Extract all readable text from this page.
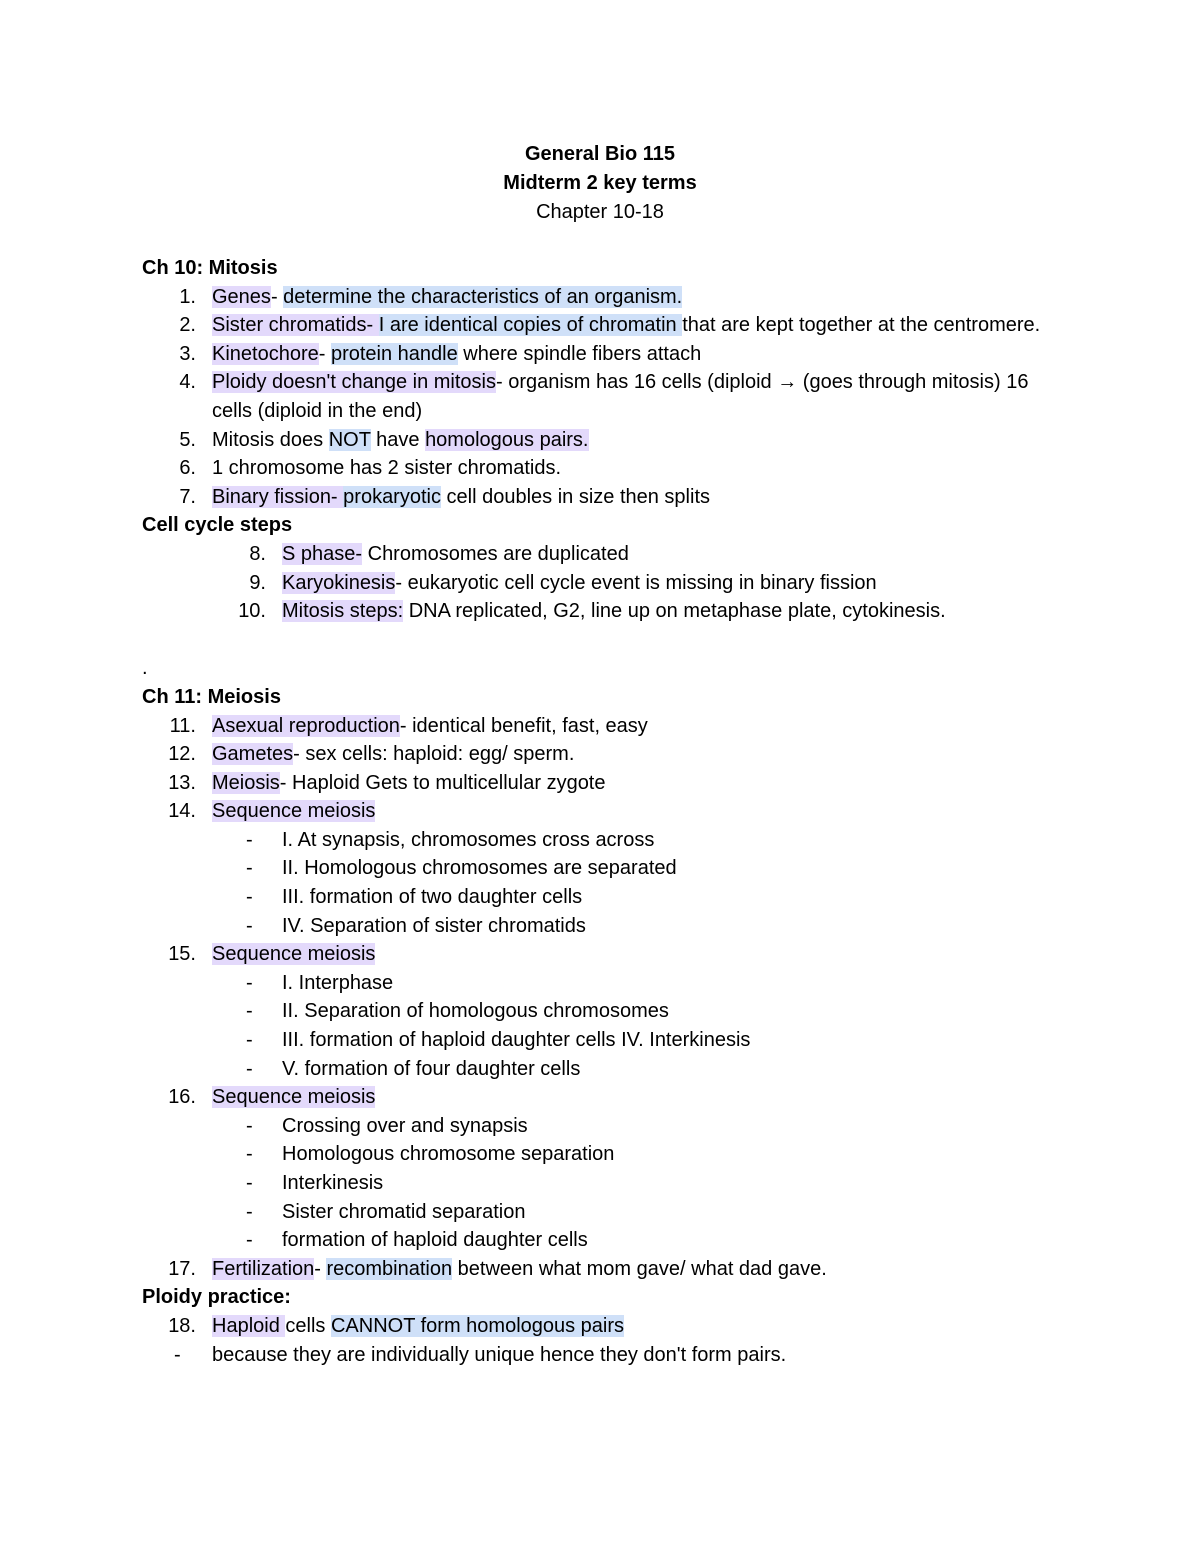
General Bio 115
Midterm 2 key terms
Chapter 10-18
Ch 10: Mitosis
1. Genes- determine the characteristics of an organism.
2. Sister chromatids- I are identical copies of chromatin that are kept together at the centromere.
3. Kinetochore- protein handle where spindle fibers attach
4. Ploidy doesn't change in mitosis- organism has 16 cells (diploid → (goes through mitosis) 16 cells (diploid in the end)
5. Mitosis does NOT have homologous pairs.
6. 1 chromosome has 2 sister chromatids.
7. Binary fission- prokaryotic cell doubles in size then splits
Cell cycle steps
8. S phase- Chromosomes are duplicated
9. Karyokinesis- eukaryotic cell cycle event is missing in binary fission
10. Mitosis steps: DNA replicated, G2, line up on metaphase plate, cytokinesis.
.
Ch 11: Meiosis
11. Asexual reproduction- identical benefit, fast, easy
12. Gametes- sex cells: haploid: egg/ sperm.
13. Meiosis- Haploid Gets to multicellular zygote
14. Sequence meiosis
-	I. At synapsis, chromosomes cross across
-	II. Homologous chromosomes are separated
-	III. formation of two daughter cells
-	IV. Separation of sister chromatids
15. Sequence meiosis
-	I. Interphase
-	II. Separation of homologous chromosomes
-	III. formation of haploid daughter cells IV. Interkinesis
-	V. formation of four daughter cells
16. Sequence meiosis
-	Crossing over and synapsis
-	Homologous chromosome separation
-	Interkinesis
-	Sister chromatid separation
-	formation of haploid daughter cells
17. Fertilization- recombination between what mom gave/ what dad gave.
Ploidy practice:
18. Haploid cells CANNOT form homologous pairs
-	because they are individually unique hence they don't form pairs.
